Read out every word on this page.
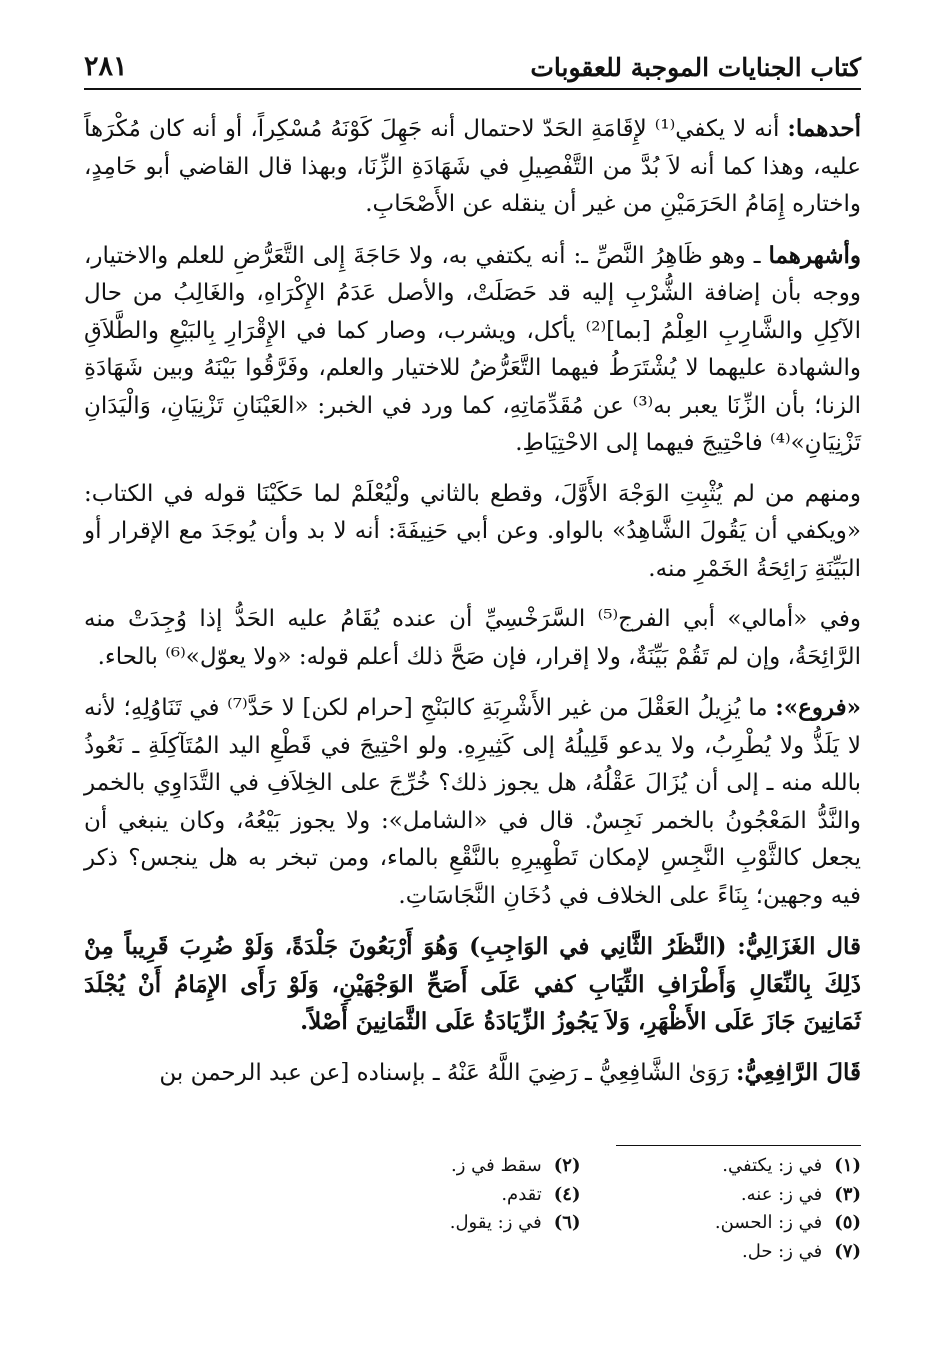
كتاب الجنايات الموجبة للعقوبات
٢٨١

أحدهما: أنه لا يكفي⁽¹⁾ لإِقَامَةِ الحَدّ لاحتمال أنه جَهِلَ كَوْنَهُ مُسْكِراً، أو أنه كان مُكْرَهاً عليه، وهذا كما أنه لاَ بُدَّ من التَّفْصِيلِ في شَهَادَةِ الزِّنَا، وبهذا قال القاضي أبو حَامِدٍ، واختاره إِمَامُ الحَرَمَيْنِ من غير أن ينقله عن الأَصْحَابِ.

وأشهرهما ـ وهو ظَاهِرُ النَّصِّ ـ: أنه يكتفي به، ولا حَاجَةَ إِلى التَّعَرُّضِ للعلم والاختيار، ووجه بأن إضافة الشُّرْبِ إليه قد حَصَلَتْ، والأصل عَدَمُ الإِكْرَاهِ، والغَالِبُ من حال الآكِلِ والشَّارِبِ العِلْمُ [بما]⁽²⁾ يأكل، ويشرب، وصار كما في الإِقْرَارِ بِالبَيْعِ والطَّلاَقِ والشهادة عليهما لا يُشْتَرَطُ فيهما التَّعَرُّضُ للاختيار والعلم، وفَرَّقُوا بَيْنَهُ وبين شَهَادَةِ الزنا؛ بأن الزِّنَا يعبر به⁽³⁾ عن مُقَدِّمَاتِهِ، كما ورد في الخبر: «العَيْنَانِ تَزْنِيَانِ، وَالْيَدَانِ تَزْنِيَانِ»⁽⁴⁾ فاحْتِيجَ فيهما إلى الاحْتِيَاطِ.

ومنهم من لم يُثْبِتِ الوَجْهَ الأَوَّلَ، وقطع بالثاني ولْيُعْلَمْ لما حَكَيْنَا قوله في الكتاب: «ويكفي أن يَقُولَ الشَّاهِدُ» بالواو. وعن أبي حَنِيفَةَ: أنه لا بد وأن يُوجَدَ مع الإقرار أو البَيِّنَةِ رَائِحَةُ الخَمْرِ منه.

وفي «أمالي» أبي الفرج⁽⁵⁾ السَّرَخْسِيِّ أن عنده يُقَامُ عليه الحَدُّ إذا وُجِدَتْ منه الرَّائِحَةُ، وإن لم تَقُمْ بَيِّنَةٌ، ولا إقرار، فإن صَحَّ ذلك أعلم قوله: «ولا يعوّل»⁽⁶⁾ بالحاء.

«فروع»: ما يُزِيلُ العَقْلَ من غير الأَشْرِبَةِ كالبَنْجِ [حرام لكن] لا حَدَّ⁽⁷⁾ في تَنَاوُلِهِ؛ لأنه لا يَلَذُّ ولا يُطْرِبُ، ولا يدعو قَلِيلُهُ إلى كَثِيرِهِ. ولو احْتِيجَ في قَطْعِ اليد المُتَآكِلَةِ ـ نَعُوذُ بالله منه ـ إلى أن يُزَالَ عَقْلُهُ، هل يجوز ذلك؟ خُرِّجَ على الخِلاَفِ في التَّدَاوِي بالخمر والنَّدُّ المَعْجُونُ بالخمر نَجِسٌ. قال في «الشامل»: ولا يجوز بَيْعُهُ، وكان ينبغي أن يجعل كالثَّوْبِ النَّجِسِ لإمكان تَطْهِيرِهِ بالنَّقْعِ بالماء، ومن تبخر به هل ينجس؟ ذكر فيه وجهين؛ بِنَاءً على الخلاف في دُخَانِ النَّجَاسَاتِ.

قال الغَزَالِيُّ: (النَّظَرُ الثَّانِي في الوَاجِبِ) وَهُوَ أَرْبَعُونَ جَلْدَةً، وَلَوْ ضُرِبَ قَرِيباً مِنْ ذَلِكَ بِالنِّعَالِ وَأَطْرَافِ الثِّيَابِ كفي عَلَى أَصَحِّ الوَجْهَيْنِ، وَلَوْ رَأَى الإِمَامُ أَنْ يُجْلَدَ ثَمَانِينَ جَازَ عَلَى الأَظْهَرِ، وَلاَ يَجُوزُ الزِّيَادَةُ عَلَى الثَّمَانِينَ أَصْلاً.

قَالَ الرَّافِعِيُّ: رَوَىٰ الشَّافِعِيُّ ـ رَضِيَ اللَّهُ عَنْهُ ـ بإسناده [عن عبد الرحمن بن

(١)في ز: يكتفي.
(٢)سقط في ز.
(٣)في ز: عنه.
(٤)تقدم.
(٥)في ز: الحسن.
(٦)في ز: يقول.
(٧)في ز: حل.
